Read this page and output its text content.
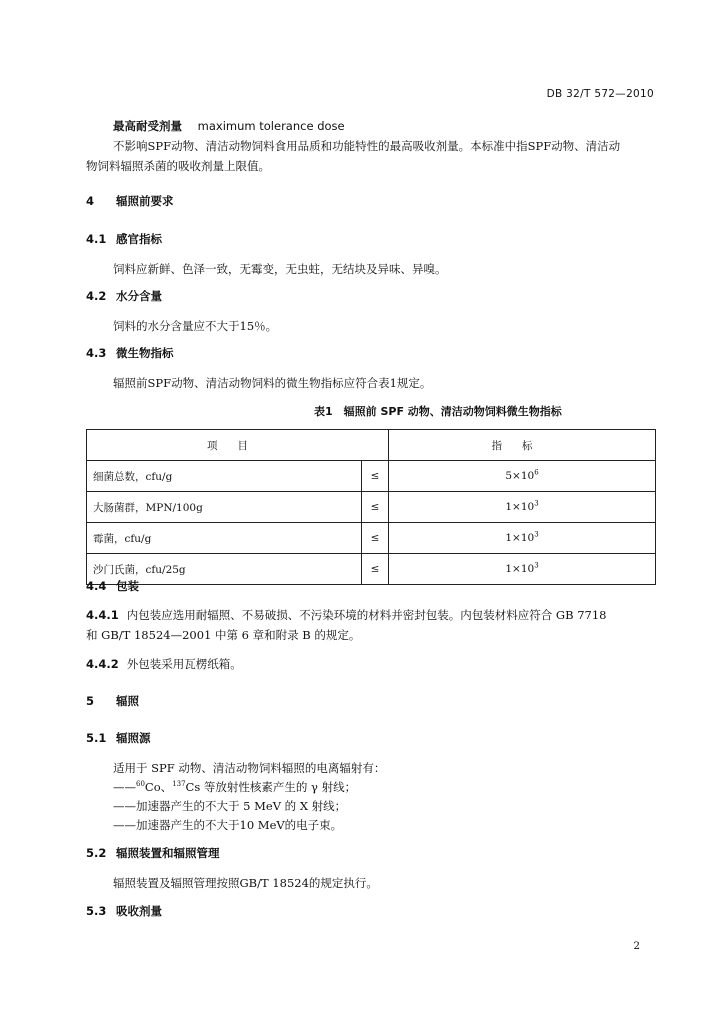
DB 32/T 572—2010
最高耐受剂量 maximum tolerance dose
不影响SPF动物、清洁动物饲料食用品质和功能特性的最高吸收剂量。本标准中指SPF动物、清洁动
物饲料辐照杀菌的吸收剂量上限值。
4 辐照前要求
4.1 感官指标
饲料应新鲜、色泽一致，无霉变，无虫蛀，无结块及异味、异嗅。
4.2 水分含量
饲料的水分含量应不大于15％。
4.3 微生物指标
辐照前SPF动物、清洁动物饲料的微生物指标应符合表1规定。
表1　辐照前 SPF 动物、清洁动物饲料微生物指标
项目		指标
细菌总数，cfu/g	≤	$5\times 10^6$
大肠菌群，MPN/100g	≤	$1\times 10^3$
霉菌，cfu/g	≤	$1\times 10^3$
沙门氏菌，cfu/25g	≤	$1\times 10^3$
4.4 包装
4.4.1 内包装应选用耐辐照、不易破损、不污染环境的材料并密封包装。内包装材料应符合 GB 7718
和 GB/T 18524—2001 中第 6 章和附录 B 的规定。
4.4.2 外包装采用瓦楞纸箱。
5 辐照
5.1 辐照源
适用于 SPF 动物、清洁动物饲料辐照的电离辐射有：
——$^{60}$Co、$^{137}$Cs 等放射性核素产生的 γ 射线；
——加速器产生的不大于 5 MeV 的 X 射线；
——加速器产生的不大于10 MeV的电子束。
5.2 辐照装置和辐照管理
辐照装置及辐照管理按照GB/T 18524的规定执行。
5.3 吸收剂量
2
